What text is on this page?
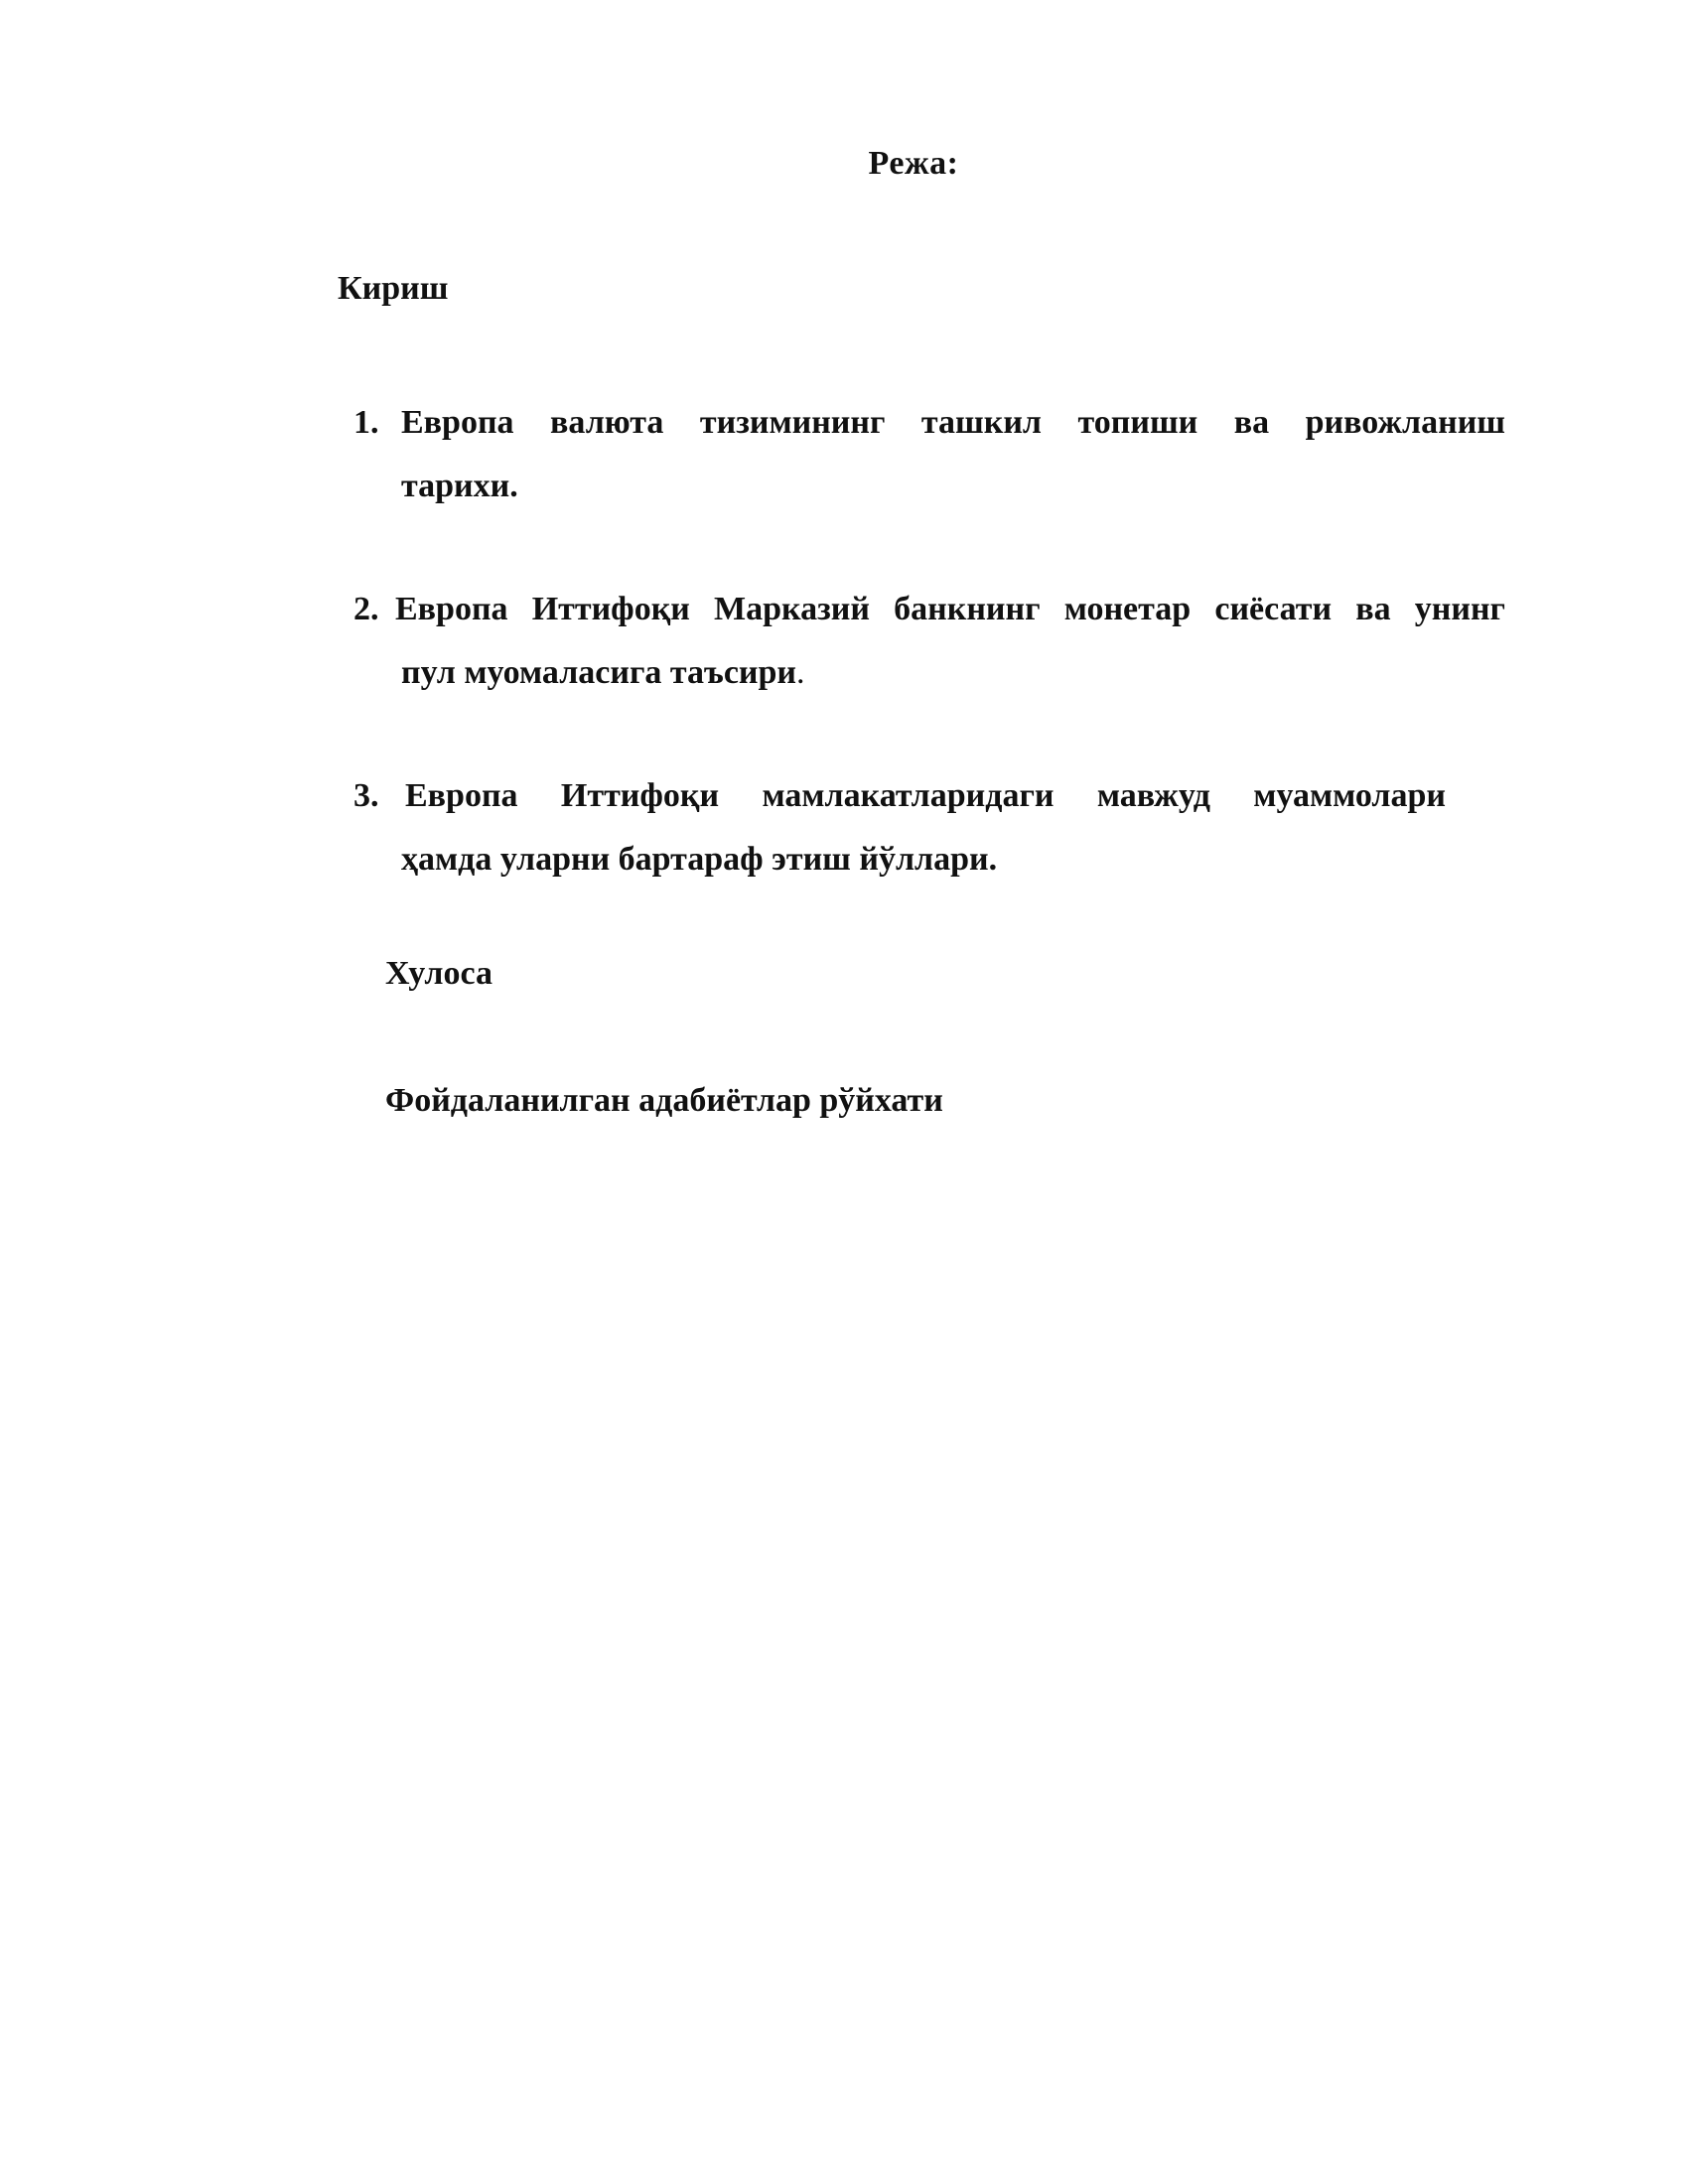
Режа:
Кириш
1. Европа валюта тизимининг ташкил топиши ва ривожланиш
тарихи.
2. Европа Иттифоқи Марказий банкнинг монетар сиёсати ва унинг
пул муомаласига таъсири.
3. Европа Иттифоқи мамлакатларидаги мавжуд муаммолари
ҳамда уларни бартараф этиш йўллари.
Хулоса
Фойдаланилган адабиётлар рўйхати
